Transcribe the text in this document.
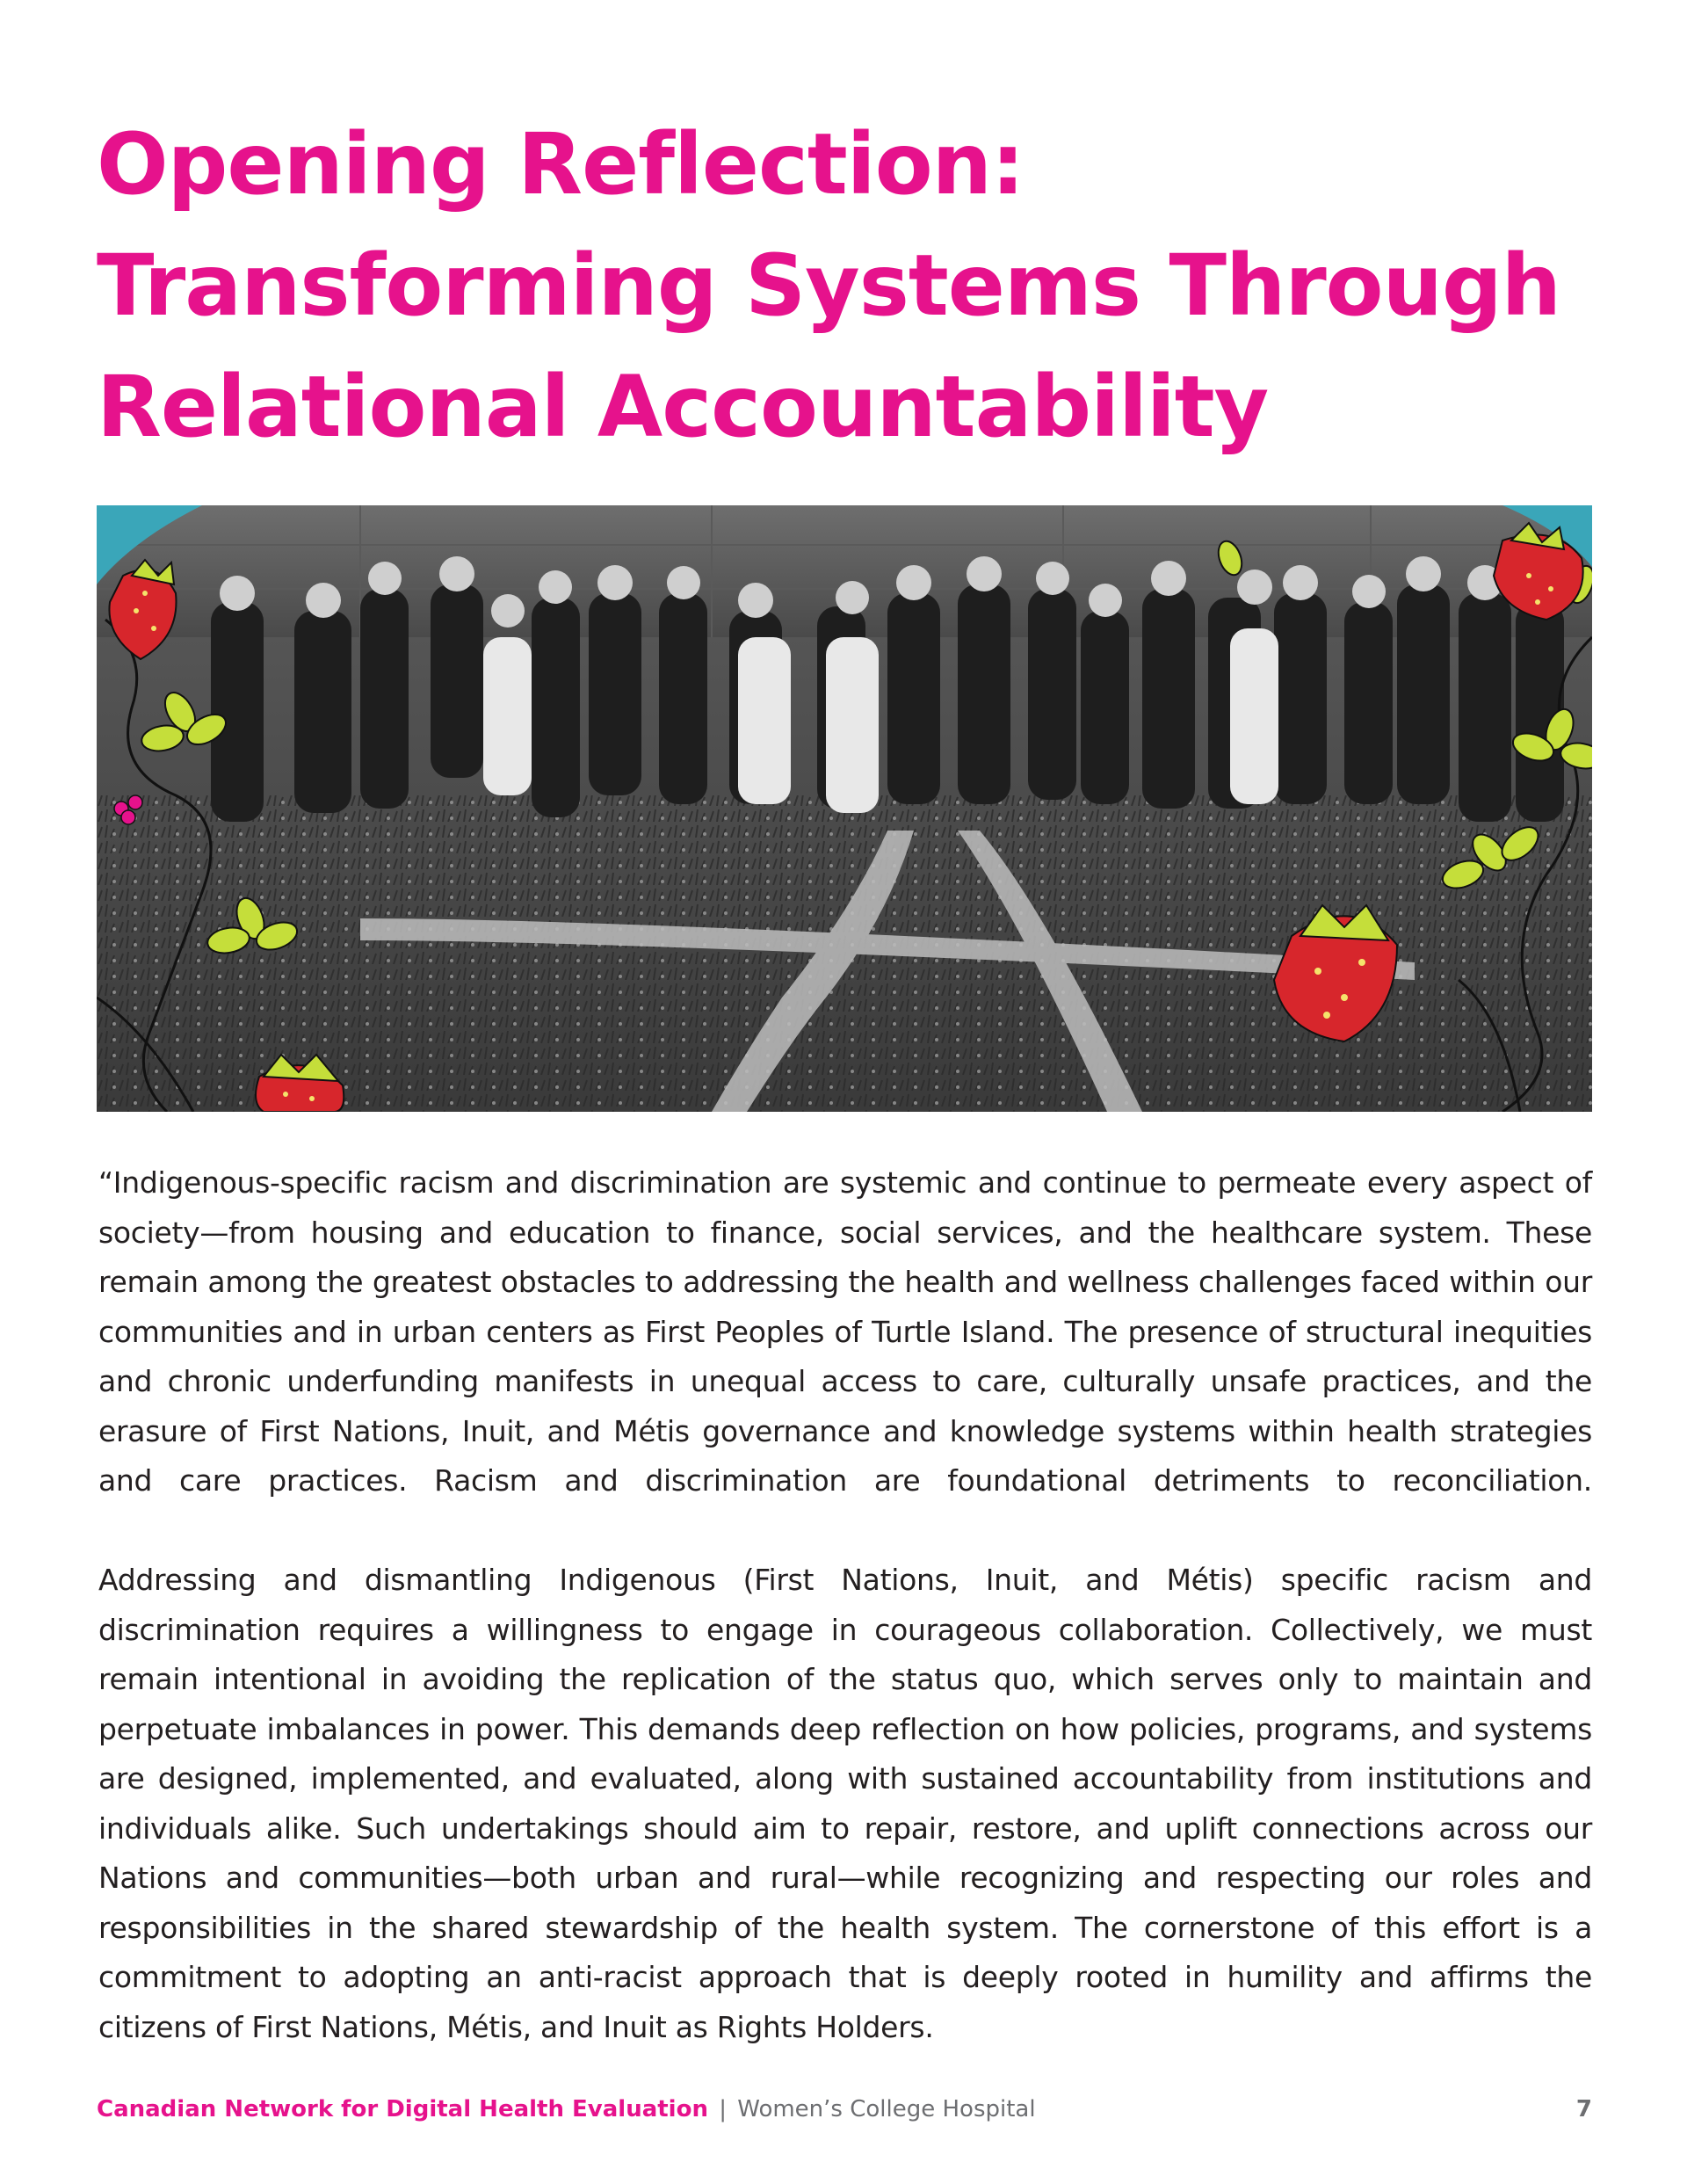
Opening Reflection:
Transforming Systems Through
Relational Accountability

“Indigenous-specific racism and discrimination are systemic and continue to permeate every aspect of society—from housing and education to finance, social services, and the healthcare system. These remain among the greatest obstacles to addressing the health and wellness challenges faced within our communities and in urban centers as First Peoples of Turtle Island. The presence of structural inequities and chronic underfunding manifests in unequal access to care, culturally unsafe practices, and the erasure of First Nations, Inuit, and Métis governance and knowledge systems within health strategies and care practices. Racism and discrimination are foundational detriments to reconciliation.

Addressing and dismantling Indigenous (First Nations, Inuit, and Métis) specific racism and discrimination requires a willingness to engage in courageous collaboration. Collectively, we must remain intentional in avoiding the replication of the status quo, which serves only to maintain and perpetuate imbalances in power. This demands deep reflection on how policies, programs, and systems are designed, implemented, and evaluated, along with sustained accountability from institutions and individuals alike. Such undertakings should aim to repair, restore, and uplift connections across our Nations and communities—both urban and rural—while recognizing and respecting our roles and responsibilities in the shared stewardship of the health system. The cornerstone of this effort is a commitment to adopting an anti-racist approach that is deeply rooted in humility and affirms the citizens of First Nations, Métis, and Inuit as Rights Holders.

Canadian Network for Digital Health Evaluation | Women’s College Hospital	7
